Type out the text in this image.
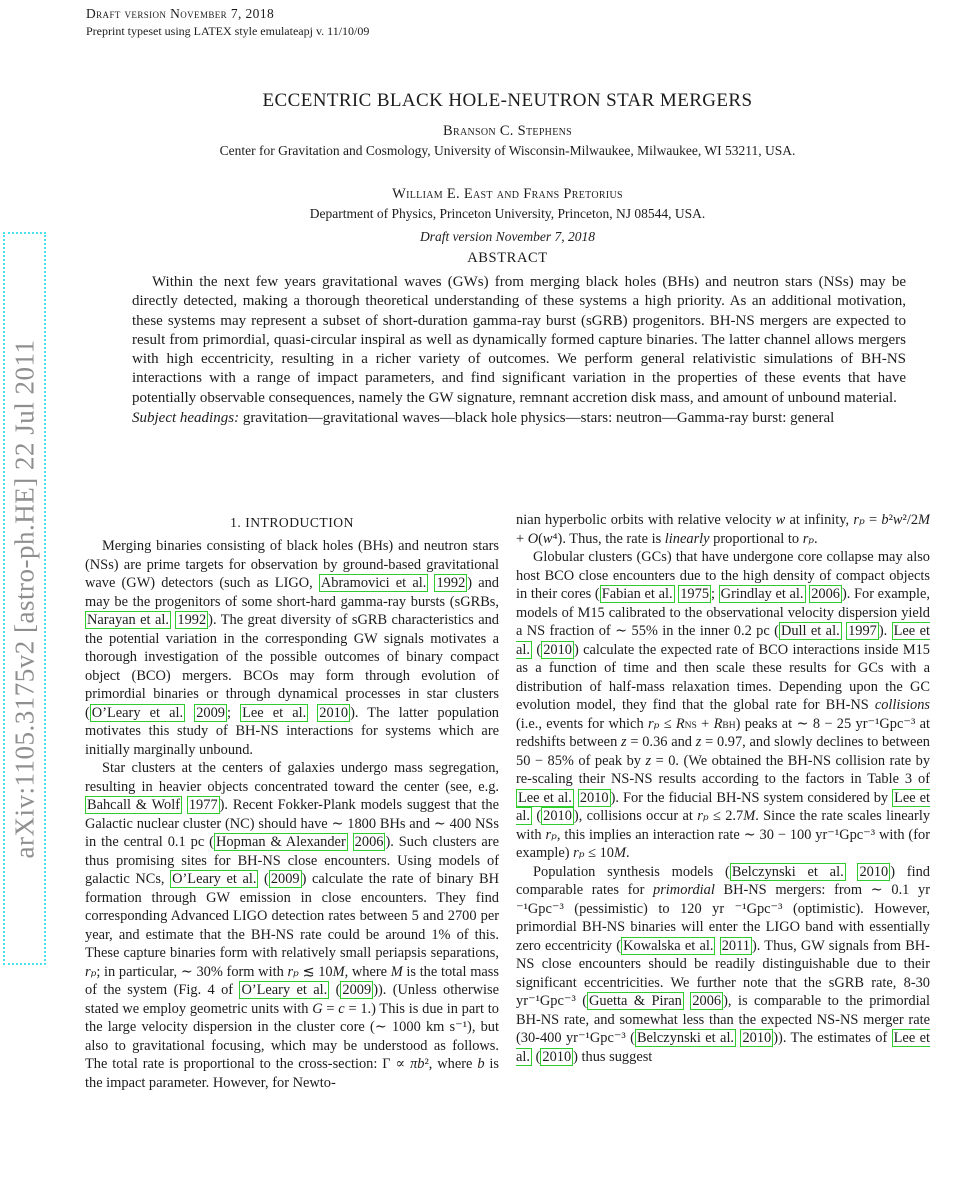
Draft version November 7, 2018
Preprint typeset using LATEX style emulateapj v. 11/10/09
arXiv:1105.3175v2 [astro-ph.HE] 22 Jul 2011
ECCENTRIC BLACK HOLE-NEUTRON STAR MERGERS
Branson C. Stephens
Center for Gravitation and Cosmology, University of Wisconsin-Milwaukee, Milwaukee, WI 53211, USA.
William E. East and Frans Pretorius
Department of Physics, Princeton University, Princeton, NJ 08544, USA.
Draft version November 7, 2018
ABSTRACT

Within the next few years gravitational waves (GWs) from merging black holes (BHs) and neutron stars (NSs) may be directly detected, making a thorough theoretical understanding of these systems a high priority. As an additional motivation, these systems may represent a subset of short-duration gamma-ray burst (sGRB) progenitors. BH-NS mergers are expected to result from primordial, quasi-circular inspiral as well as dynamically formed capture binaries. The latter channel allows mergers with high eccentricity, resulting in a richer variety of outcomes. We perform general relativistic simulations of BH-NS interactions with a range of impact parameters, and find significant variation in the properties of these events that have potentially observable consequences, namely the GW signature, remnant accretion disk mass, and amount of unbound material.

Subject headings: gravitation—gravitational waves—black hole physics—stars: neutron—Gamma-ray burst: general

1. INTRODUCTION

Merging binaries consisting of black holes (BHs) and neutron stars (NSs) are prime targets for observation by ground-based gravitational wave (GW) detectors (such as LIGO, Abramovici et al. 1992 ) and may be the progenitors of some short-hard gamma-ray bursts (sGRBs, Narayan et al. 1992 ). The great diversity of sGRB characteristics and the potential variation in the corresponding GW signals motivates a thorough investigation of the possible outcomes of binary compact object (BCO) mergers. BCOs may form through evolution of primordial binaries or through dynamical processes in star clusters ( O’Leary et al. 2009 ; Lee et al. 2010 ). The latter population motivates this study of BH-NS interactions for systems which are initially marginally unbound.

Star clusters at the centers of galaxies undergo mass segregation, resulting in heavier objects concentrated toward the center (see, e.g. Bahcall & Wolf 1977 ). Recent Fokker-Plank models suggest that the Galactic nuclear cluster (NC) should have ∼ 1800 BHs and ∼ 400 NSs in the central 0.1 pc ( Hopman & Alexander 2006 ). Such clusters are thus promising sites for BH-NS close encounters. Using models of galactic NCs, O’Leary et al. ( 2009 ) calculate the rate of binary BH formation through GW emission in close encounters. They find corresponding Advanced LIGO detection rates between 5 and 2700 per year, and estimate that the BH-NS rate could be around 1% of this. These capture binaries form with relatively small periapsis separations, rₚ; in particular, ∼ 30% form with rₚ ≲ 10M, where M is the total mass of the system (Fig. 4 of O’Leary et al. ( 2009 )). (Unless otherwise stated we employ geometric units with G = c = 1.) This is due in part to the large velocity dispersion in the cluster core (∼ 1000 km s⁻¹), but also to gravitational focusing, which may be understood as follows. The total rate is proportional to the cross-section: Γ ∝ πb², where b is the impact parameter. However, for Newto-

nian hyperbolic orbits with relative velocity w at infinity, rₚ = b²w²/2M + O(w⁴). Thus, the rate is linearly proportional to rₚ.

Globular clusters (GCs) that have undergone core collapse may also host BCO close encounters due to the high density of compact objects in their cores ( Fabian et al. 1975 ; Grindlay et al. 2006 ). For example, models of M15 calibrated to the observational velocity dispersion yield a NS fraction of ∼ 55% in the inner 0.2 pc ( Dull et al. 1997 ). Lee et al. ( 2010 ) calculate the expected rate of BCO interactions inside M15 as a function of time and then scale these results for GCs with a distribution of half-mass relaxation times. Depending upon the GC evolution model, they find that the global rate for BH-NS collisions (i.e., events for which rₚ ≤ RNS + RBH) peaks at ∼ 8 − 25 yr⁻¹Gpc⁻³ at redshifts between z = 0.36 and z = 0.97, and slowly declines to between 50 − 85% of peak by z = 0. (We obtained the BH-NS collision rate by re-scaling their NS-NS results according to the factors in Table 3 of Lee et al. 2010 ). For the fiducial BH-NS system considered by Lee et al. ( 2010 ), collisions occur at rₚ ≤ 2.7M. Since the rate scales linearly with rₚ, this implies an interaction rate ∼ 30 − 100 yr⁻¹Gpc⁻³ with (for example) rₚ ≤ 10M.

Population synthesis models ( Belczynski et al. 2010 ) find comparable rates for primordial BH-NS mergers: from ∼ 0.1 yr ⁻¹Gpc⁻³ (pessimistic) to 120 yr ⁻¹Gpc⁻³ (optimistic). However, primordial BH-NS binaries will enter the LIGO band with essentially zero eccentricity ( Kowalska et al. 2011 ). Thus, GW signals from BH-NS close encounters should be readily distinguishable due to their significant eccentricities. We further note that the sGRB rate, 8-30 yr⁻¹Gpc⁻³ ( Guetta & Piran 2006 ), is comparable to the primordial BH-NS rate, and somewhat less than the expected NS-NS merger rate (30-400 yr⁻¹Gpc⁻³ ( Belczynski et al. 2010 )). The estimates of Lee et al. ( 2010 ) thus suggest
